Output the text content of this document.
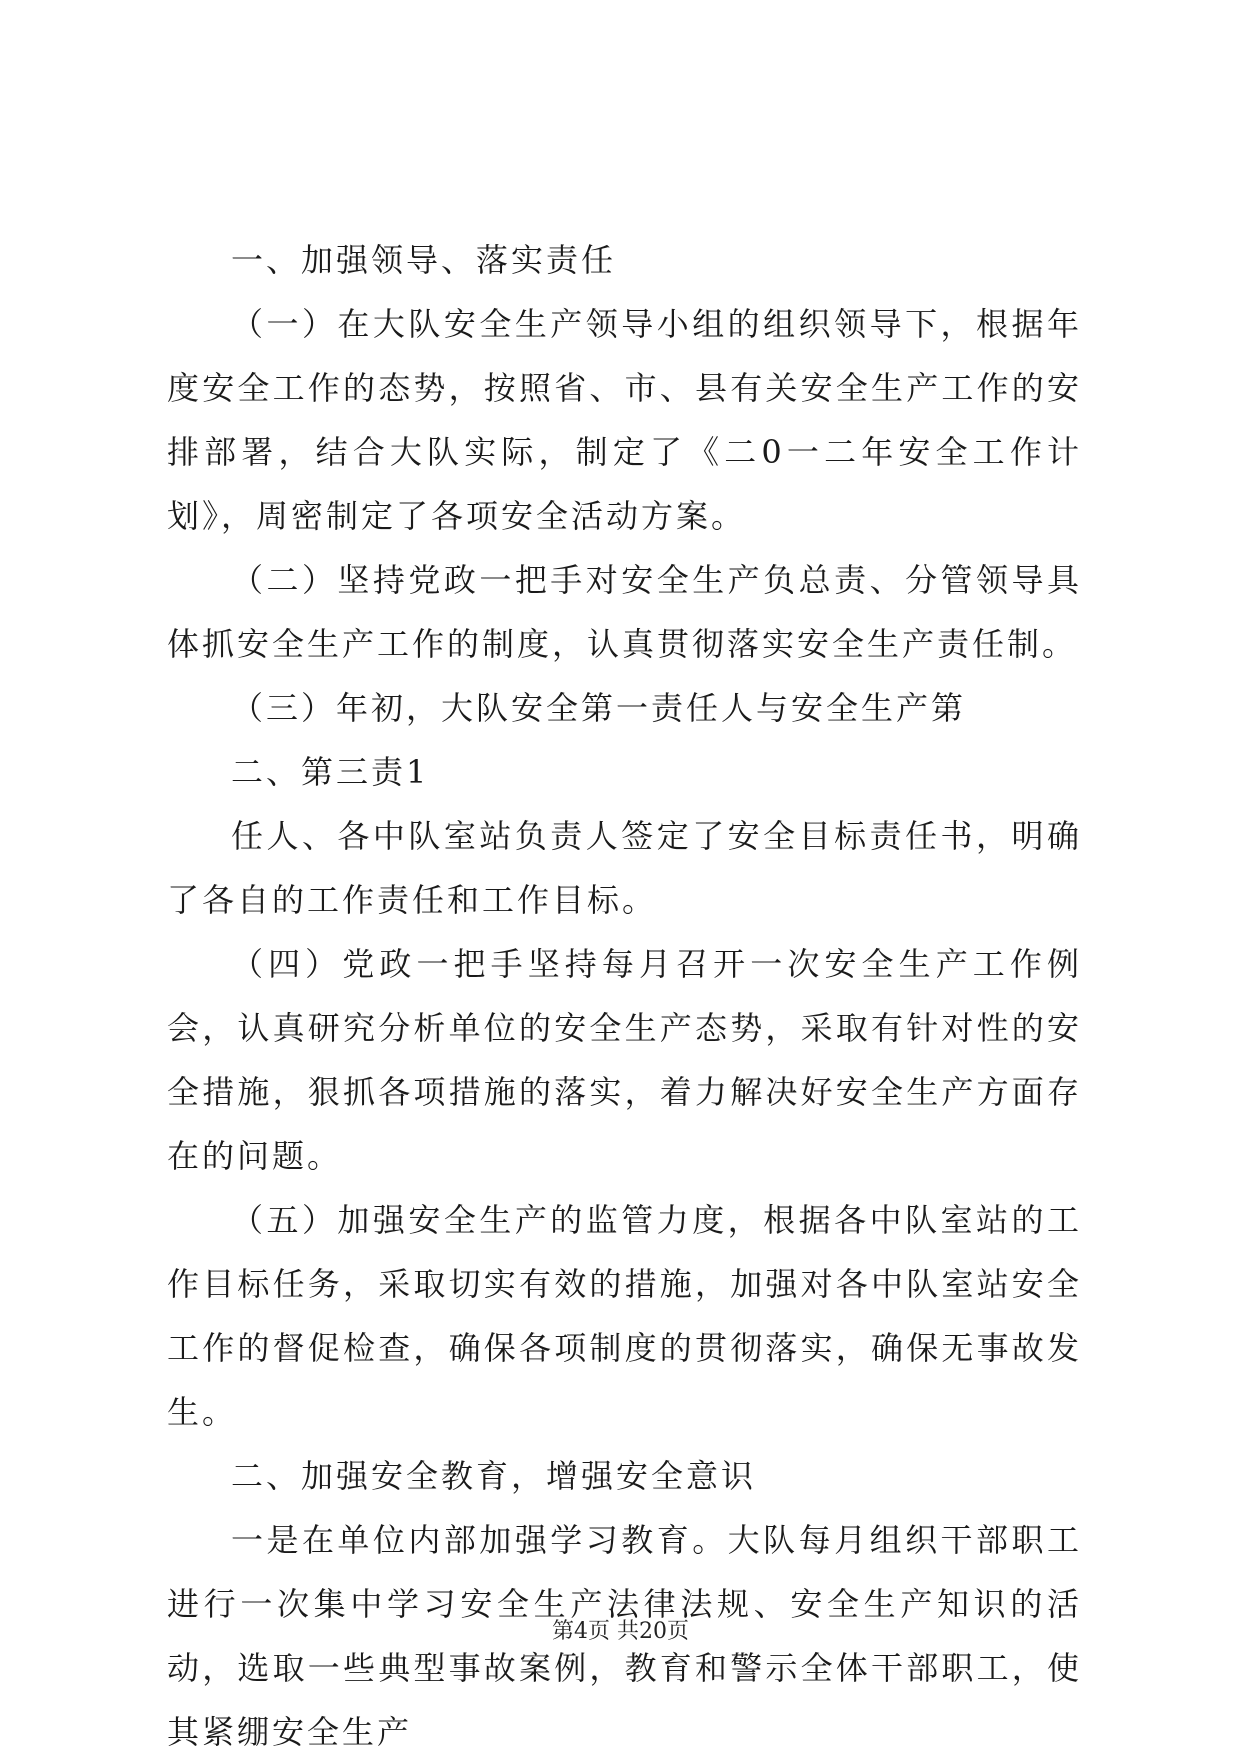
一、加强领导、落实责任

（一）在大队安全生产领导小组的组织领导下，根据年度安全工作的态势，按照省、市、县有关安全生产工作的安排部署，结合大队实际，制定了《二0一二年安全工作计划》，周密制定了各项安全活动方案。

（二）坚持党政一把手对安全生产负总责、分管领导具体抓安全生产工作的制度，认真贯彻落实安全生产责任制。

（三）年初，大队安全第一责任人与安全生产第

二、第三责1

任人、各中队室站负责人签定了安全目标责任书，明确了各自的工作责任和工作目标。

（四）党政一把手坚持每月召开一次安全生产工作例会，认真研究分析单位的安全生产态势，采取有针对性的安全措施，狠抓各项措施的落实，着力解决好安全生产方面存在的问题。

（五）加强安全生产的监管力度，根据各中队室站的工作目标任务，采取切实有效的措施，加强对各中队室站安全工作的督促检查，确保各项制度的贯彻落实，确保无事故发生。

二、加强安全教育，增强安全意识

一是在单位内部加强学习教育。大队每月组织干部职工进行一次集中学习安全生产法律法规、安全生产知识的活动，选取一些典型事故案例，教育和警示全体干部职工，使其紧绷安全生产

第4页 共20页
